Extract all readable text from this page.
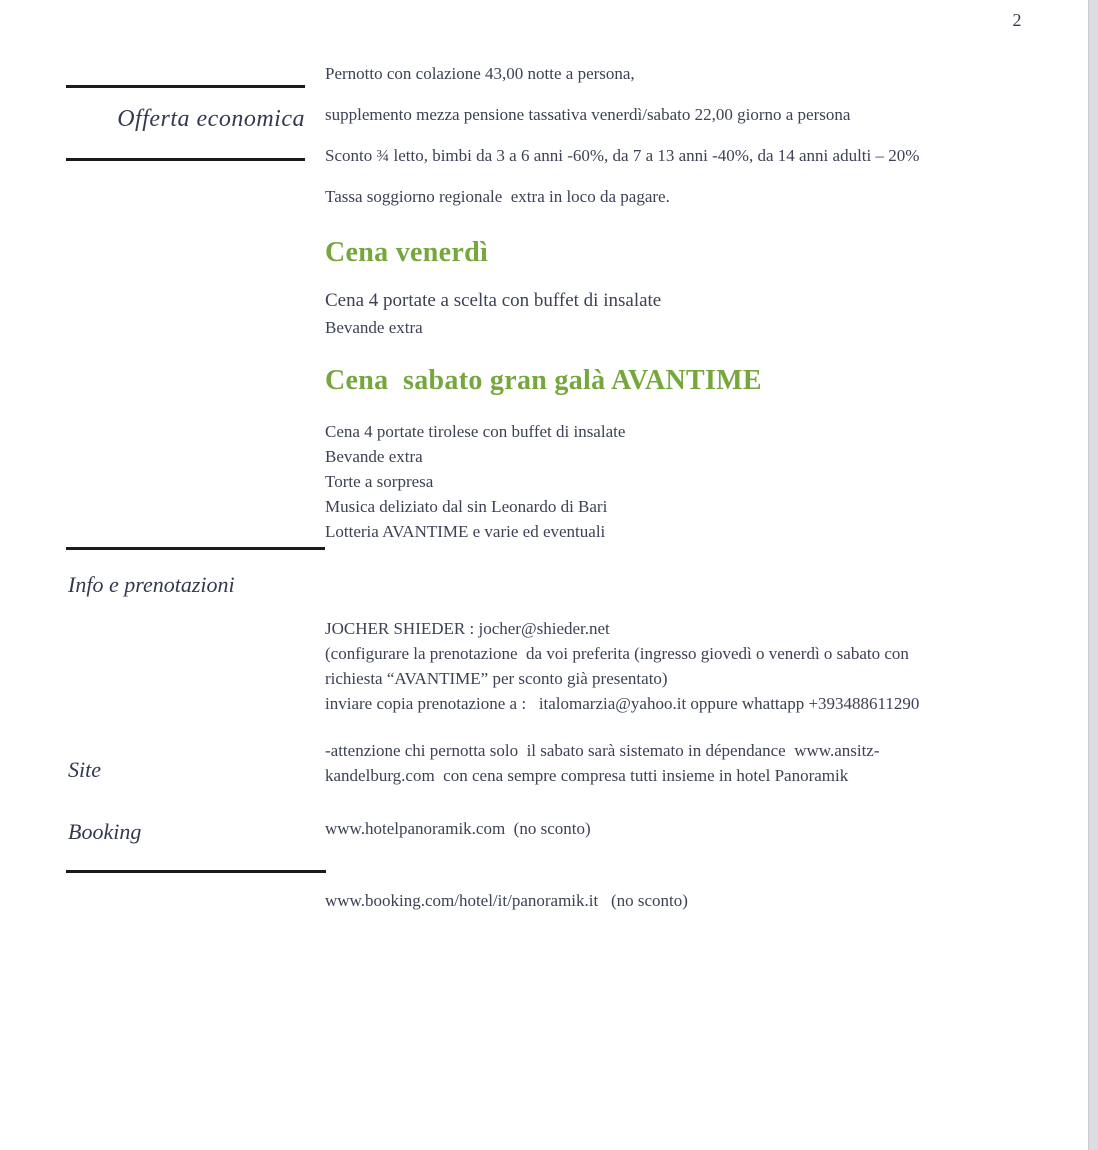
2
Offerta economica
Pernotto con colazione 43,00 notte a persona,
supplemento mezza pensione tassativa venerdì/sabato 22,00 giorno a persona
Sconto ¾ letto, bimbi da 3 a 6 anni -60%, da 7 a 13 anni -40%, da 14 anni adulti – 20%
Tassa soggiorno regionale  extra in loco da pagare.
Cena venerdì
Cena 4 portate a scelta con buffet di insalate
Bevande extra
Cena  sabato gran galà AVANTIME
Cena 4 portate tirolese con buffet di insalate
Bevande extra
Torte a sorpresa
Musica deliziato dal sin Leonardo di Bari
Lotteria AVANTIME e varie ed eventuali
Info e prenotazioni
JOCHER SHIEDER : jocher@shieder.net
(configurare la prenotazione  da voi preferita (ingresso giovedì o venerdì o sabato con
richiesta “AVANTIME” per sconto già presentato)
inviare copia prenotazione a :   italomarzia@yahoo.it oppure whattapp +393488611290
Site
-attenzione chi pernotta solo  il sabato sarà sistemato in dépendance  www.ansitz-
kandelburg.com  con cena sempre compresa tutti insieme in hotel Panoramik
www.hotelpanoramik.com  (no sconto)
Booking
www.booking.com/hotel/it/panoramik.it   (no sconto)
